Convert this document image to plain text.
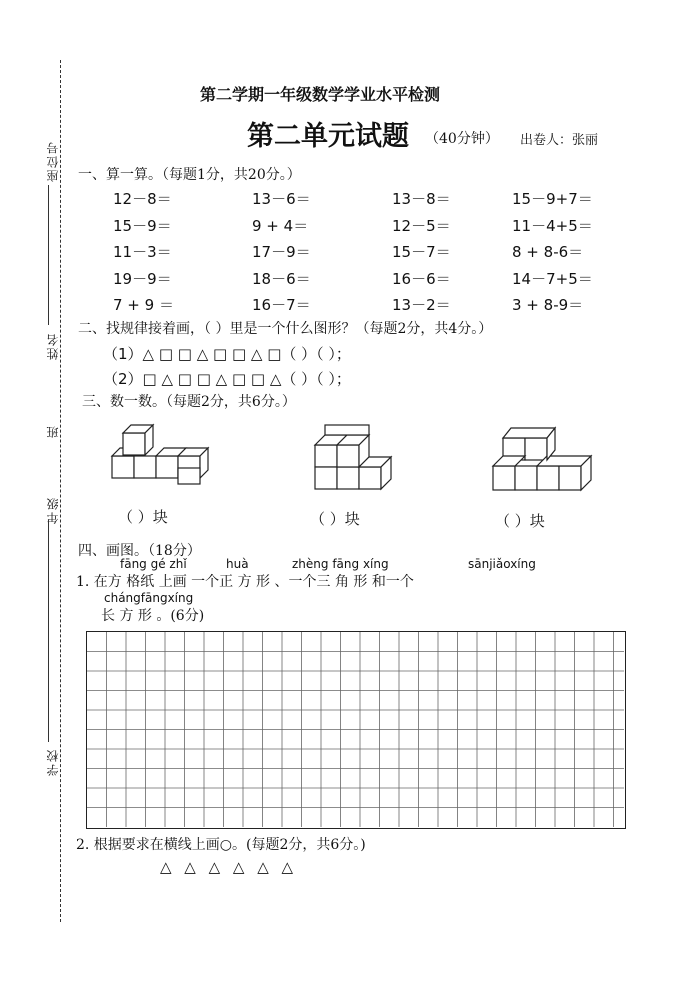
座位号
姓名
班
年级
学校
第二学期一年级数学学业水平检测
第二单元试题 （40分钟） 出卷人：张丽
一、算一算。（每题1分，共20分。）
12－8＝	13－6＝	13－8＝	15－9+7＝
15－9＝	9 + 4＝	12－5＝	11－4+5＝
11－3＝	17－9＝	15－7＝	8 + 8-6＝
19－9＝	18－6＝	16－6＝	14－7+5＝
7 + 9 ＝	16－7＝	13－2＝	3 + 8-9＝
二、找规律接着画，（ ）里是一个什么图形？（每题2分，共4分。）
（1）△ □ □ △ □ □ △ □（ ）（ ）；
（2）□ △ □ □ △ □ □ △（ ）（ ）；
三、数一数。（每题2分，共6分。）
（ ）块	（ ）块	（ ）块
四、画图。（18分）
fāng gé zhǐ	huà	zhèng fāng xíng	sānjiǎoxíng
1. 在方 格纸 上画 一个正 方 形 、一个三 角 形 和一个
chángfāngxíng
长 方 形 。(6分)
2. 根据要求在横线上画○。(每题2分，共6分。)
△ △ △ △ △ △
